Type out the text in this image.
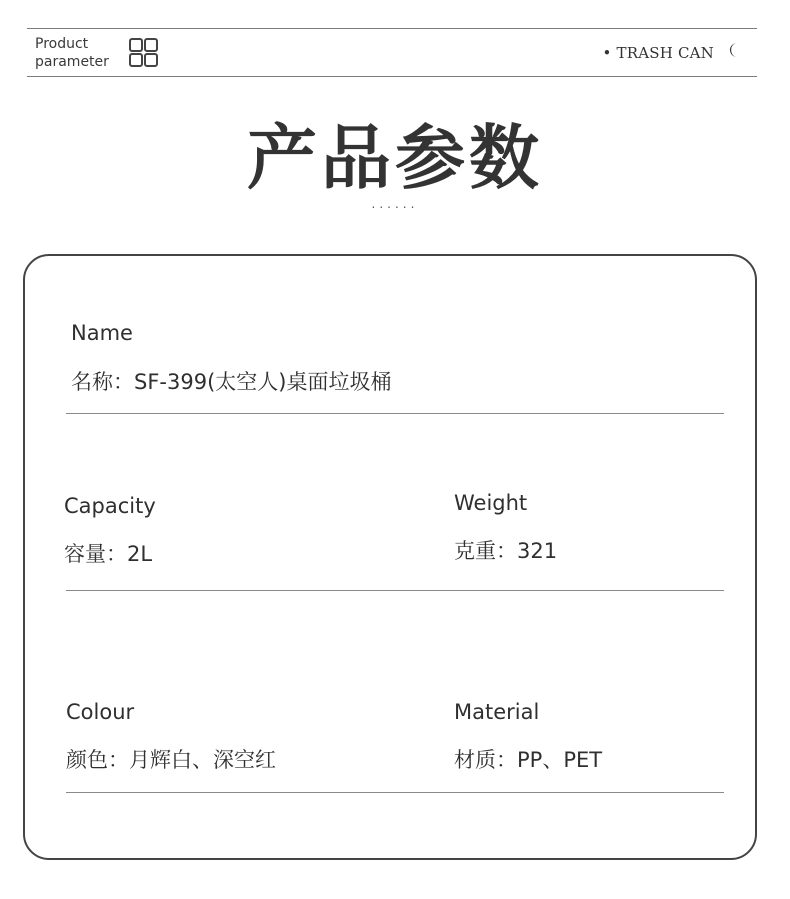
Product
parameter	• TRASH CAN
产品参数
......
Name
名称：SF-399(太空人)桌面垃圾桶
Capacity
容量：2L
Weight
克重：321
Colour
颜色：月辉白、深空红
Material
材质：PP、PET
